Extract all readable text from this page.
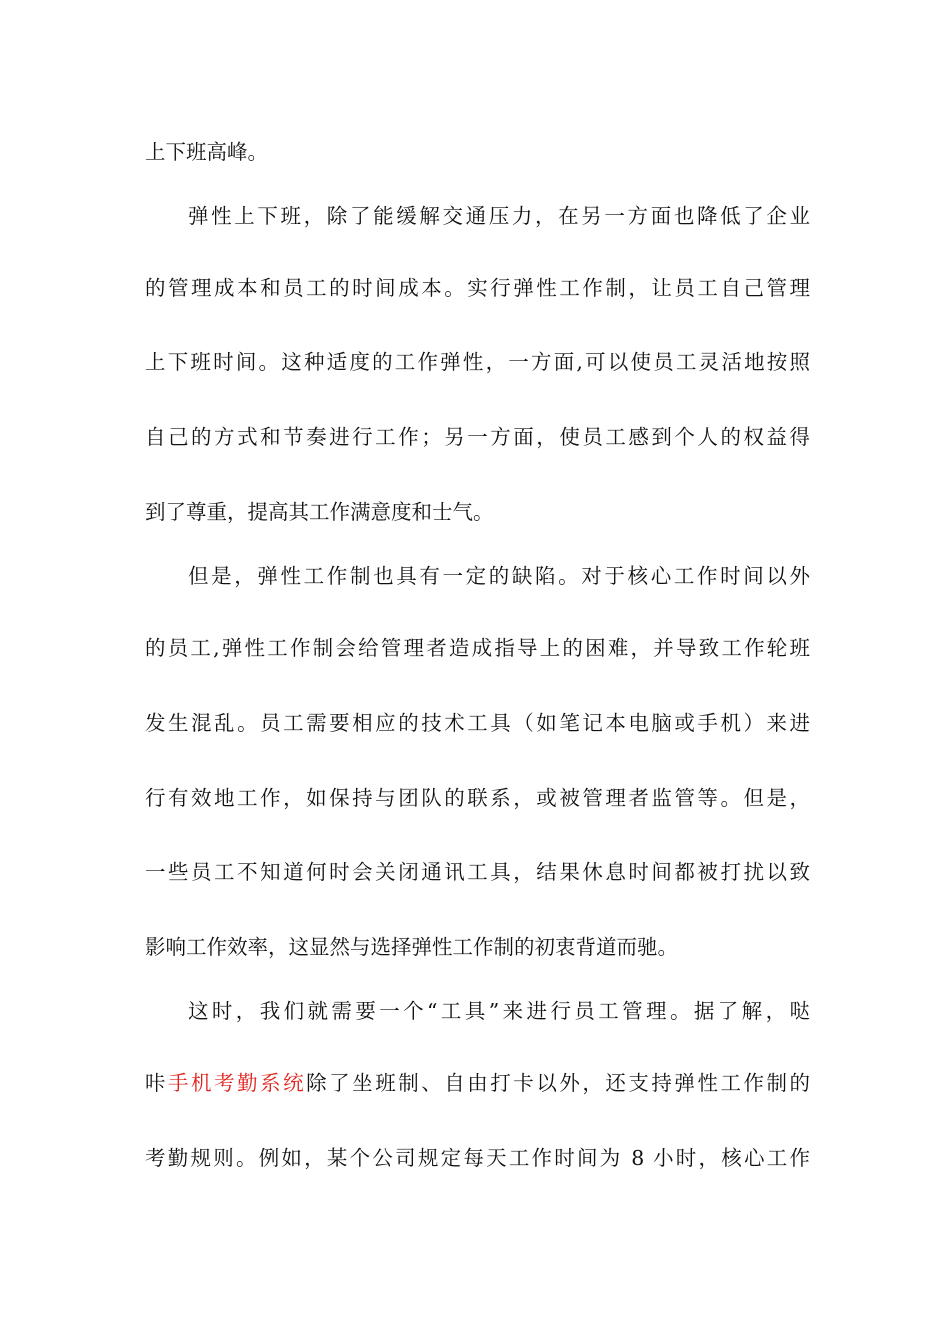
上下班高峰。
弹性上下班，除了能缓解交通压力，在另一方面也降低了企业
的管理成本和员工的时间成本。实行弹性工作制，让员工自己管理
上下班时间。这种适度的工作弹性，一方面,可以使员工灵活地按照
自己的方式和节奏进行工作；另一方面，使员工感到个人的权益得
到了尊重，提高其工作满意度和士气。
但是，弹性工作制也具有一定的缺陷。对于核心工作时间以外
的员工,弹性工作制会给管理者造成指导上的困难，并导致工作轮班
发生混乱。员工需要相应的技术工具（如笔记本电脑或手机）来进
行有效地工作，如保持与团队的联系，或被管理者监管等。但是，
一些员工不知道何时会关闭通讯工具，结果休息时间都被打扰以致
影响工作效率，这显然与选择弹性工作制的初衷背道而驰。
这时，我们就需要一个“工具”来进行员工管理。据了解，哒
咔手机考勤系统除了坐班制、自由打卡以外，还支持弹性工作制的
考勤规则。例如，某个公司规定每天工作时间为 8 小时，核心工作
